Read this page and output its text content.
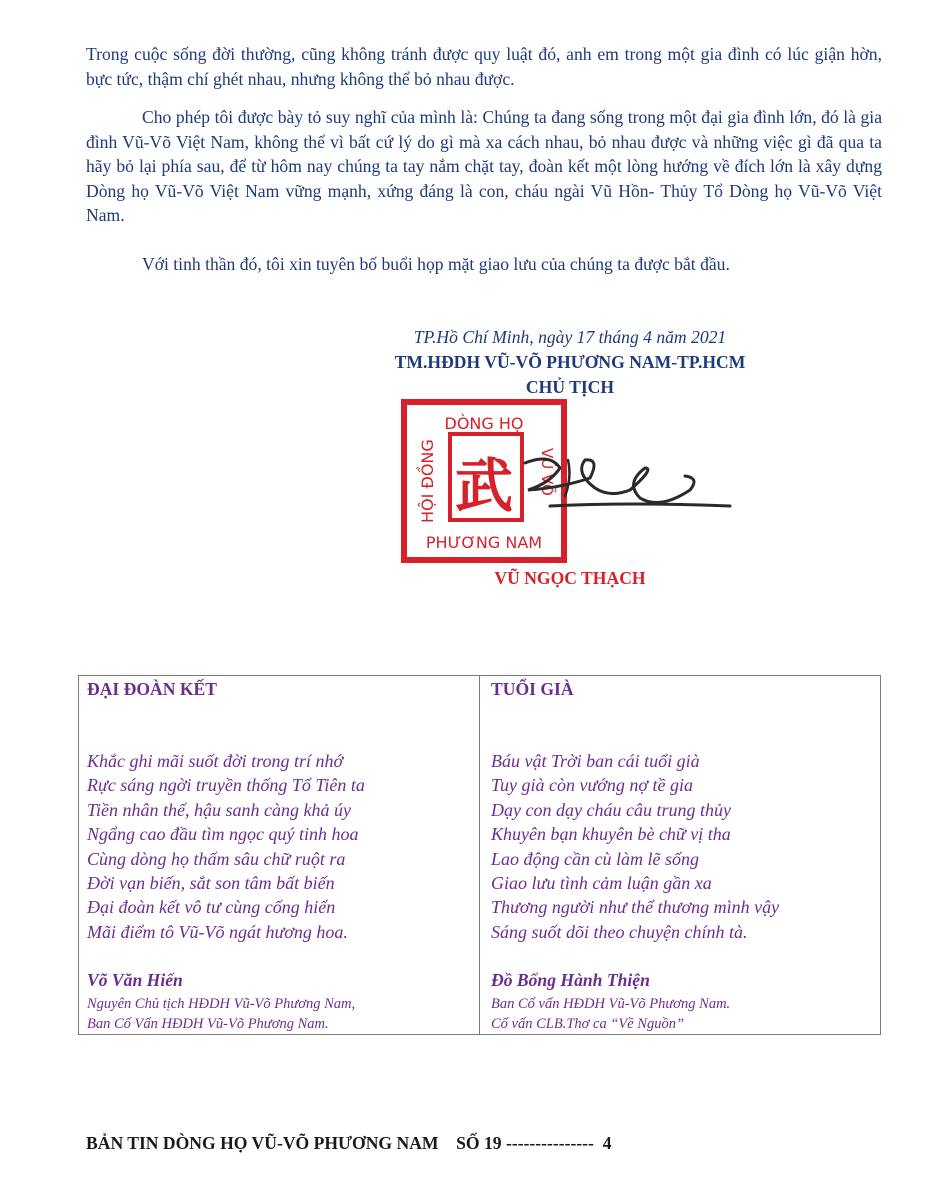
Trong cuộc sống đời thường, cũng không tránh được quy luật đó, anh em trong một gia đình có lúc giận hờn, bực tức, thậm chí ghét nhau, nhưng không thể bỏ nhau được.

Cho phép tôi được bày tỏ suy nghĩ của mình là: Chúng ta đang sống trong một đại gia đình lớn, đó là gia đình Vũ-Võ Việt Nam, không thể vì bất cứ lý do gì mà xa cách nhau, bỏ nhau được và những việc gì đã qua ta hãy bỏ lại phía sau, để từ hôm nay chúng ta tay nắm chặt tay, đoàn kết một lòng hướng về đích lớn là xây dựng Dòng họ Vũ-Võ Việt Nam vững mạnh, xứng đáng là con, cháu ngài Vũ Hồn- Thủy Tổ Dòng họ Vũ-Võ Việt Nam.

Với tinh thần đó, tôi xin tuyên bố buổi họp mặt giao lưu của chúng ta được bắt đầu.

TP.Hồ Chí Minh, ngày 17 tháng 4 năm 2021
TM.HĐDH VŨ-VÕ PHƯƠNG NAM-TP.HCM
CHỦ TỊCH
DÒNG HỌ
PHƯƠNG NAM
HỘI ĐỒNG	VŨ VÕ
武
VŨ NGỌC THẠCH
ĐẠI ĐOÀN KẾT
Khắc ghi mãi suốt đời trong trí nhớ
Rực sáng ngời truyền thống Tổ Tiên ta
Tiền nhân thế, hậu sanh càng khả úy
Ngẩng cao đầu tìm ngọc quý tinh hoa
Cùng dòng họ thấm sâu chữ ruột ra
Đời vạn biến, sắt son tâm bất biến
Đại đoàn kết vô tư cùng cống hiến
Mãi điểm tô Vũ-Võ ngát hương hoa.
Võ Văn Hiến
Nguyên Chủ tịch HĐDH Vũ-Võ Phương Nam,
Ban Cố Vấn HĐDH Vũ-Võ Phương Nam.
TUỔI GIÀ
Báu vật Trời ban cái tuổi già
Tuy già còn vướng nợ tề gia
Dạy con dạy cháu câu trung thủy
Khuyên bạn khuyên bè chữ vị tha
Lao động cần cù làm lẽ sống
Giao lưu tình cảm luận gần xa
Thương người như thể thương mình vậy
Sáng suốt dõi theo chuyện chính tà.
Đồ Bổng Hành Thiện
Ban Cố vấn HĐDH Vũ-Võ Phương Nam.
Cố vấn CLB.Thơ ca “Về Nguồn”
BẢN TIN DÒNG HỌ VŨ-VÕ PHƯƠNG NAM SỐ 19 --------------- 4
